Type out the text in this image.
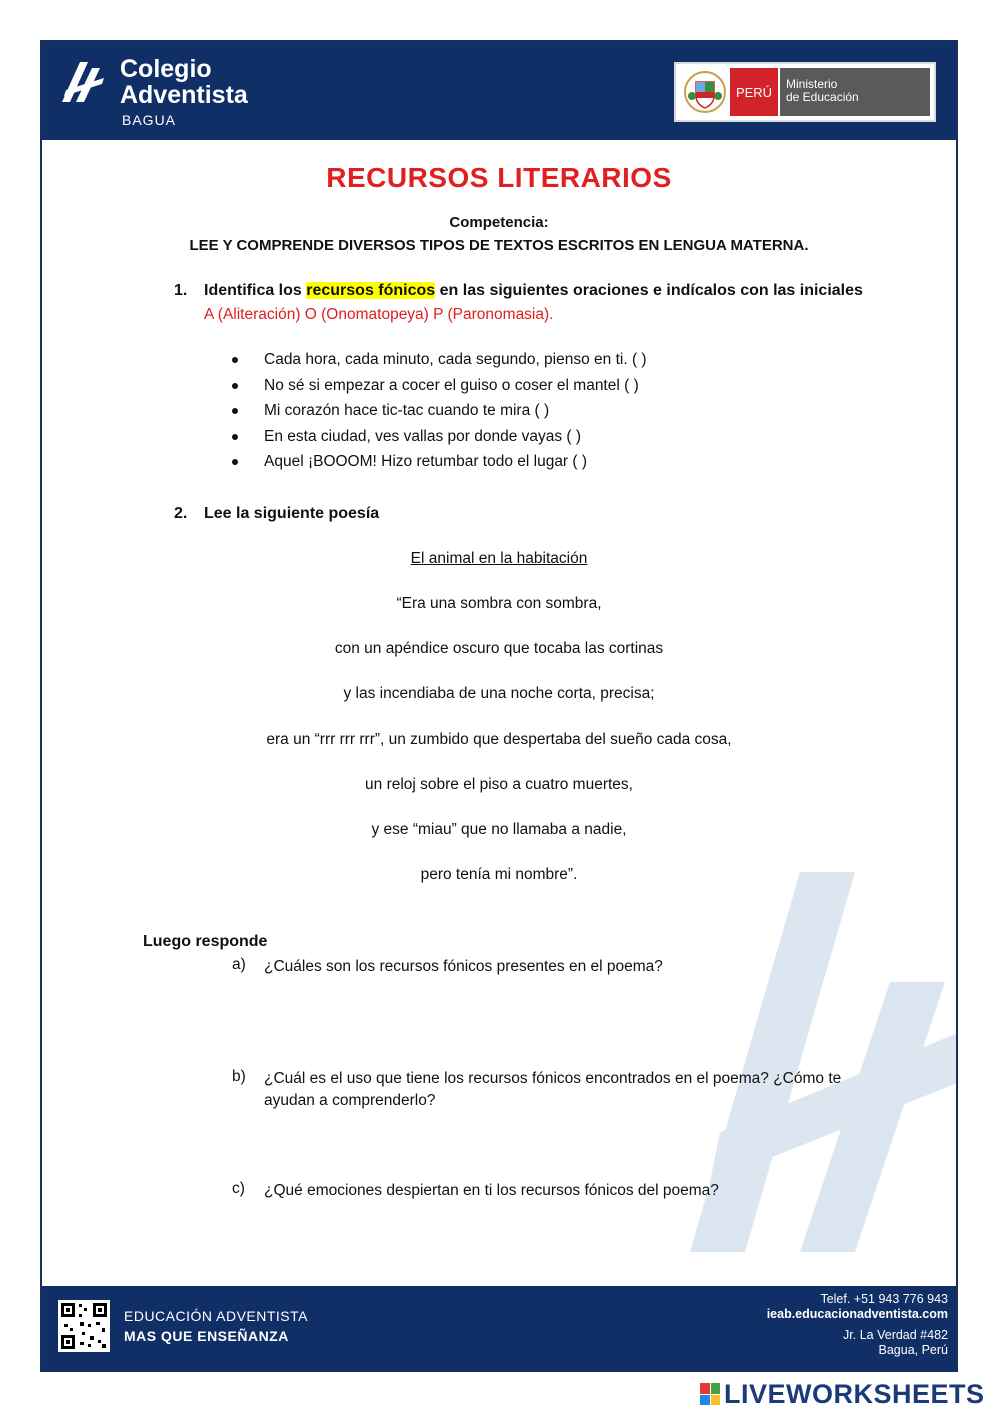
Colegio
Adventista
BAGUA
PERÚ
Ministerio
de Educación
RECURSOS LITERARIOS
Competencia:
LEE Y COMPRENDE DIVERSOS TIPOS DE TEXTOS ESCRITOS EN LENGUA MATERNA.
1. Identifica los recursos fónicos en las siguientes oraciones e indícalos con las iniciales
A (Aliteración) O (Onomatopeya) P (Paronomasia).
Cada hora, cada minuto, cada segundo, pienso en ti. ( )
No sé si empezar a cocer el guiso o coser el mantel ( )
Mi corazón hace tic-tac cuando te mira ( )
En esta ciudad, ves vallas por donde vayas ( )
Aquel ¡BOOOM! Hizo retumbar todo el lugar ( )
2. Lee la siguiente poesía
El animal en la habitación
“Era una sombra con sombra,
con un apéndice oscuro que tocaba las cortinas
y las incendiaba de una noche corta, precisa;
era un “rrr rrr rrr”, un zumbido que despertaba del sueño cada cosa,
un reloj sobre el piso a cuatro muertes,
y ese “miau” que no llamaba a nadie,
pero tenía mi nombre”.
Luego responde
a) ¿Cuáles son los recursos fónicos presentes en el poema?
b) ¿Cuál es el uso que tiene los recursos fónicos encontrados en el poema? ¿Cómo te ayudan a comprenderlo?
c) ¿Qué emociones despiertan en ti los recursos fónicos del poema?
EDUCACIÓN ADVENTISTA
MAS QUE ENSEÑANZA
Telef. +51 943 776 943
ieab.educacionadventista.com
Jr. La Verdad #482
Bagua, Perú
LIVEWORKSHEETS
